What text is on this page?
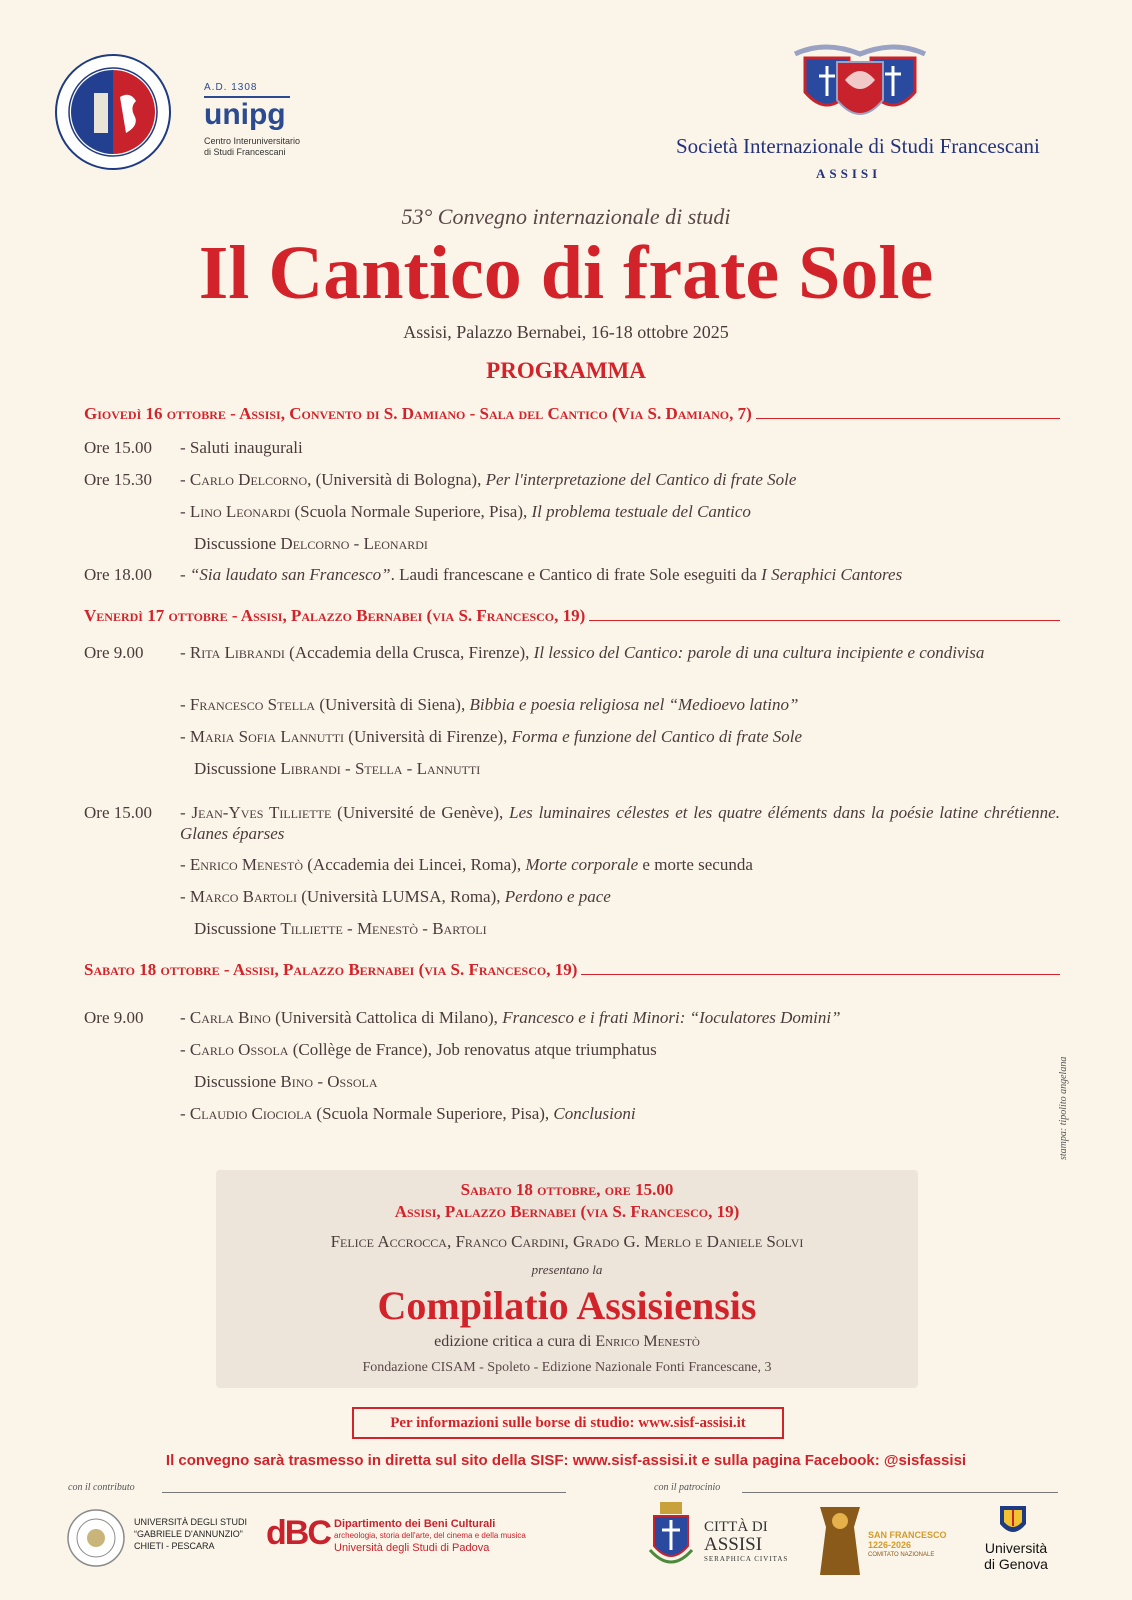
A.D. 1308
unipg
Centro Interuniversitario
di Studi Francescani	Società Internazionale di Studi Francescani
ASSISI
53° Convegno internazionale di studi
Il Cantico di frate Sole
Assisi, Palazzo Bernabei, 16-18 ottobre 2025
PROGRAMMA
Giovedì 16 ottobre - Assisi, Convento di S. Damiano - Sala del Cantico (Via S. Damiano, 7)
Ore 15.00	- Saluti inaugurali
Ore 15.30	- Carlo Delcorno, (Università di Bologna), Per l'interpretazione del Cantico di frate Sole
- Lino Leonardi (Scuola Normale Superiore, Pisa), Il problema testuale del Cantico
Discussione Delcorno - Leonardi
Ore 18.00	- “Sia laudato san Francesco”. Laudi francescane e Cantico di frate Sole eseguiti da I Seraphici Cantores
Venerdì 17 ottobre - Assisi, Palazzo Bernabei (via S. Francesco, 19)
Ore 9.00	- Rita Librandi (Accademia della Crusca, Firenze), Il lessico del Cantico: parole di una cultura incipiente e condivisa
- Francesco Stella (Università di Siena), Bibbia e poesia religiosa nel “Medioevo latino”
- Maria Sofia Lannutti (Università di Firenze), Forma e funzione del Cantico di frate Sole
Discussione Librandi - Stella - Lannutti
Ore 15.00	- Jean-Yves Tilliette (Université de Genève), Les luminaires célestes et les quatre éléments dans la poésie latine chrétienne. Glanes éparses
- Enrico Menestò (Accademia dei Lincei, Roma), Morte corporale e morte secunda
- Marco Bartoli (Università LUMSA, Roma), Perdono e pace
Discussione Tilliette - Menestò - Bartoli
Sabato 18 ottobre - Assisi, Palazzo Bernabei (via S. Francesco, 19)
Ore 9.00	- Carla Bino (Università Cattolica di Milano), Francesco e i frati Minori: “Ioculatores Domini”
- Carlo Ossola (Collège de France), Job renovatus atque triumphatus
Discussione Bino - Ossola
- Claudio Ciociola (Scuola Normale Superiore, Pisa), Conclusioni
Sabato 18 ottobre, ore 15.00
Assisi, Palazzo Bernabei (via S. Francesco, 19)
Felice Accrocca, Franco Cardini, Grado G. Merlo e Daniele Solvi
presentano la
Compilatio Assisiensis
edizione critica a cura di Enrico Menestò
Fondazione CISAM - Spoleto - Edizione Nazionale Fonti Francescane, 3
Per informazioni sulle borse di studio: www.sisf-assisi.it
Il convegno sarà trasmesso in diretta sul sito della SISF: www.sisf-assisi.it e sulla pagina Facebook: @sisfassisi
stampa: tipolito angelana
con il contributo	con il patrocinio
UNIVERSITÀ DEGLI STUDI
“GABRIELE D'ANNUNZIO”
CHIETI - PESCARA	dBC Dipartimento dei Beni Culturali
archeologia, storia dell'arte, del cinema e della musica
Università degli Studi di Padova
CITTÀ DI
ASSISI
SERAPHICA CIVITAS
SAN FRANCESCO
1226-2026
COMITATO NAZIONALE	Università
di Genova
